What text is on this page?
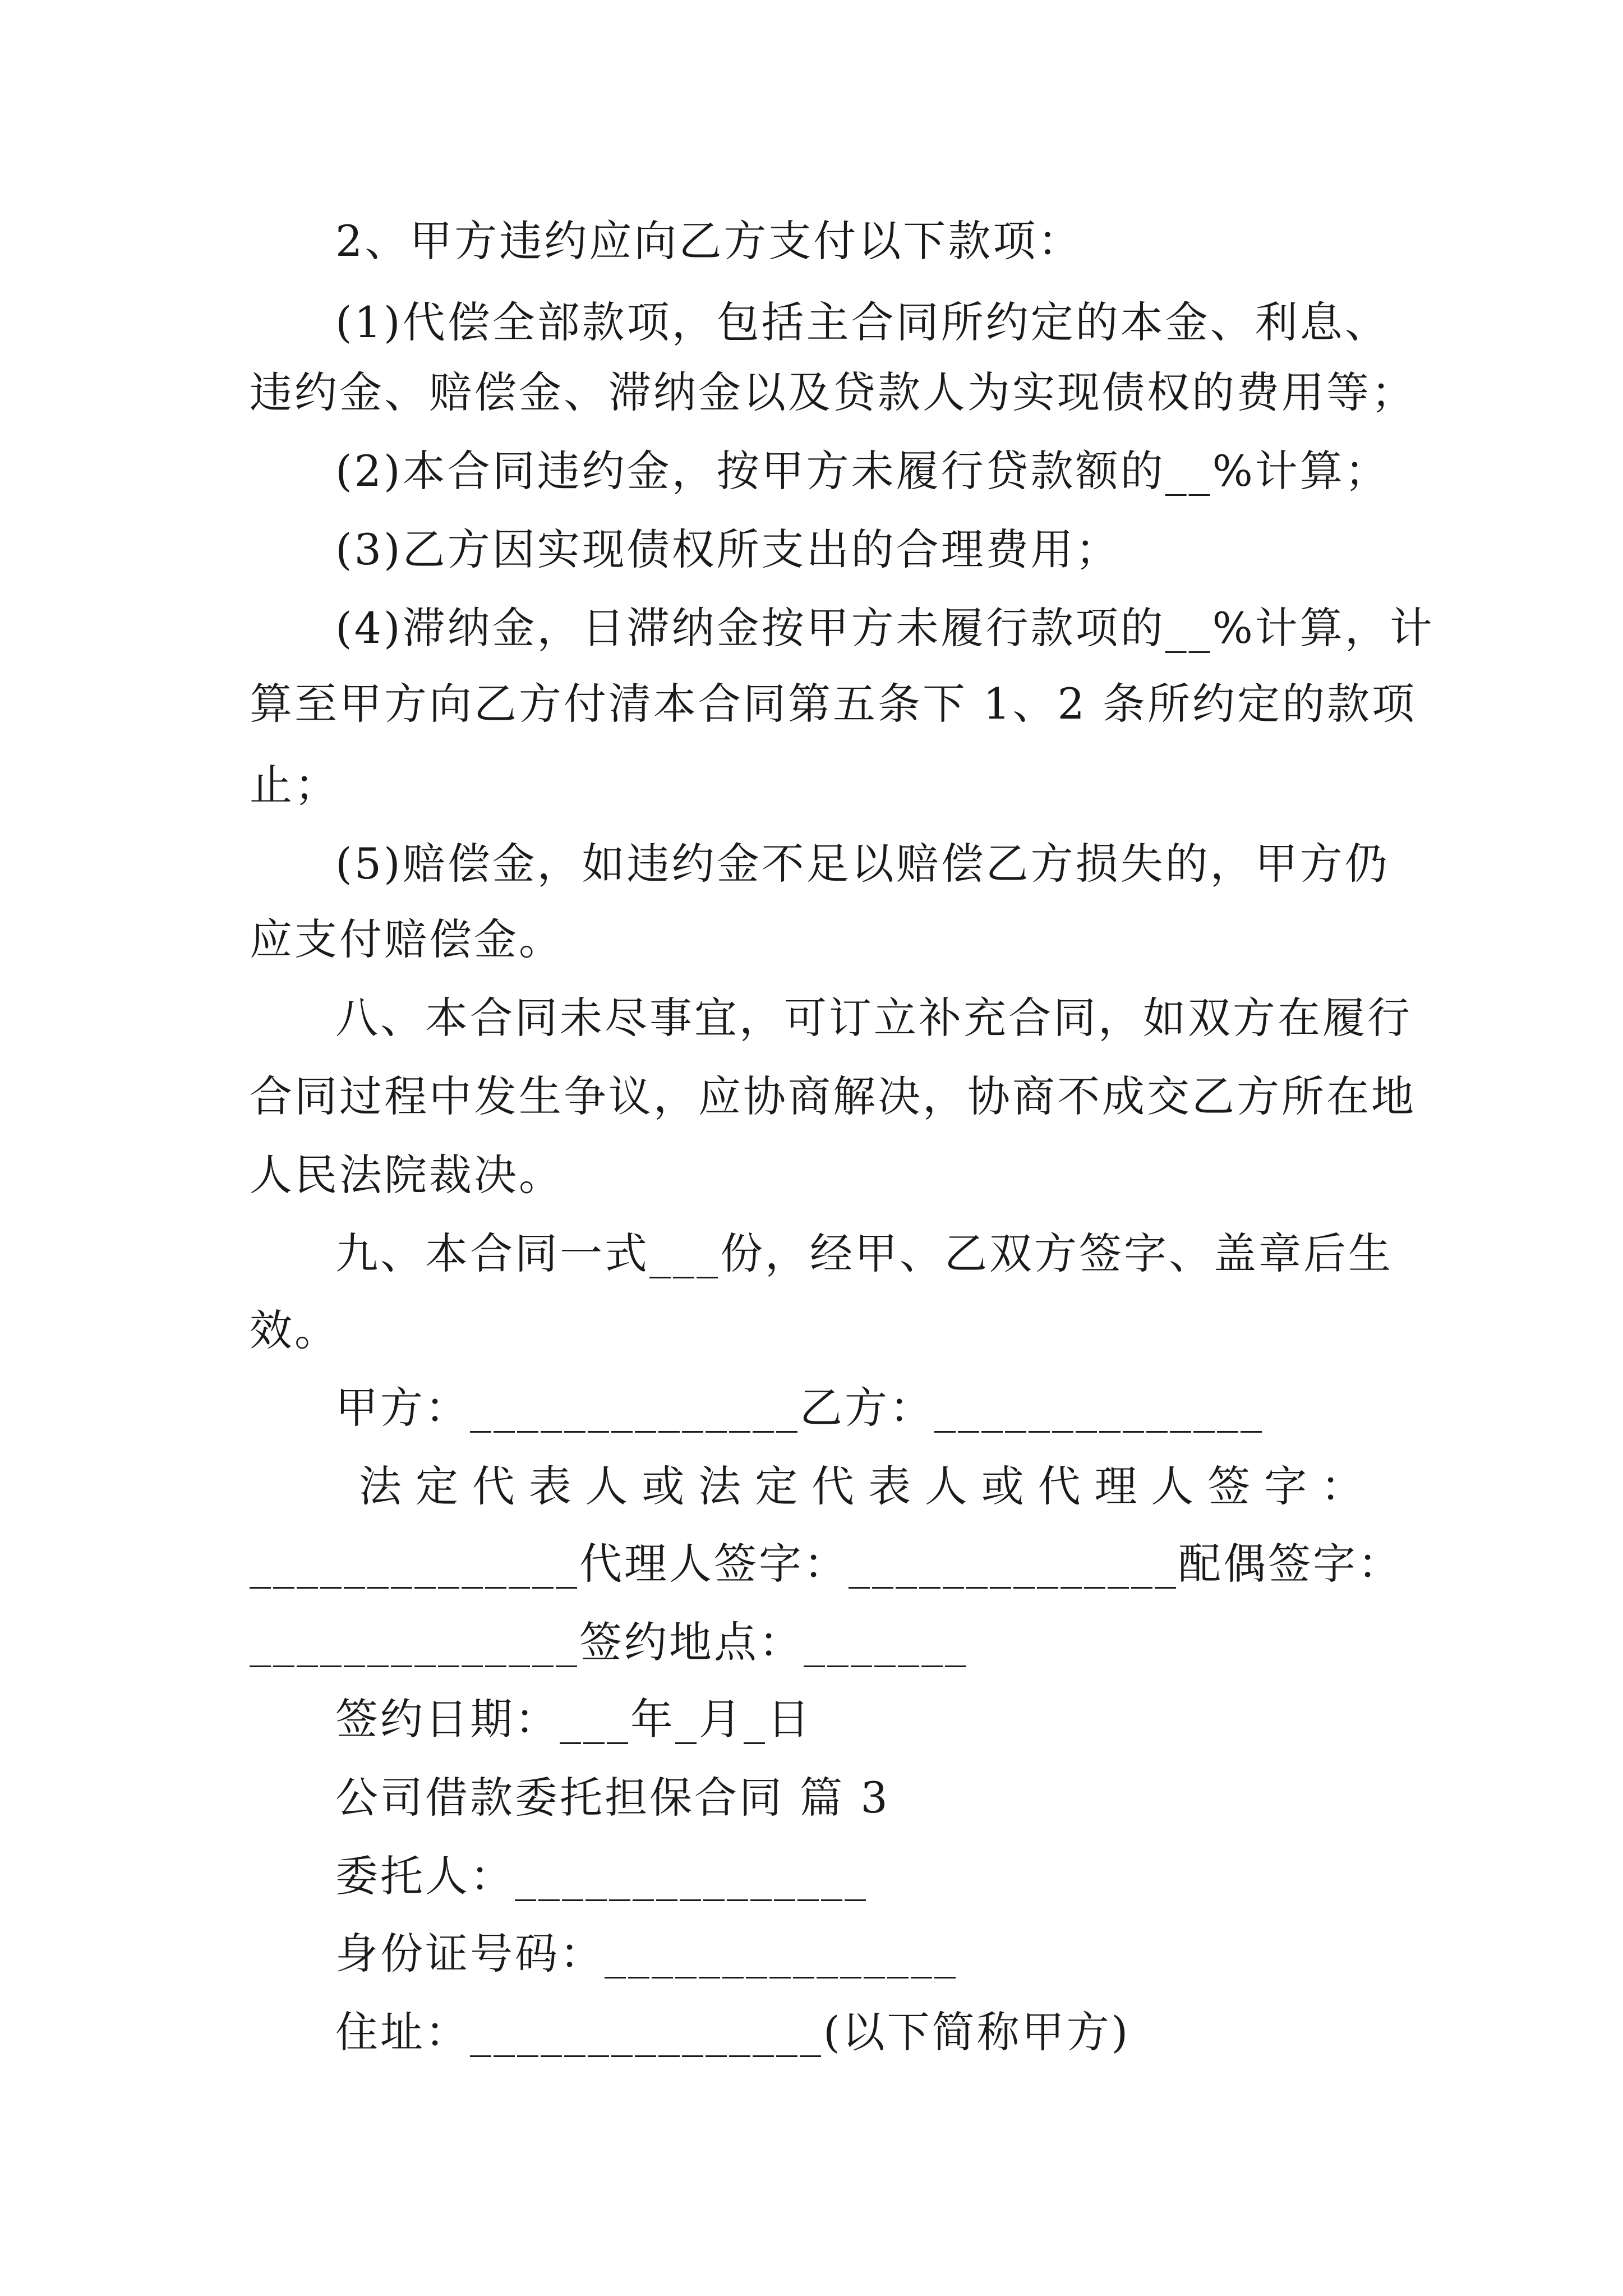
2、甲方违约应向乙方支付以下款项：
(1)代偿全部款项，包括主合同所约定的本金、利息、
违约金、赔偿金、滞纳金以及贷款人为实现债权的费用等；
(2)本合同违约金，按甲方未履行贷款额的__%计算；
(3)乙方因实现债权所支出的合理费用；
(4)滞纳金，日滞纳金按甲方未履行款项的__%计算，计
算至甲方向乙方付清本合同第五条下 1、2 条所约定的款项
止；
(5)赔偿金，如违约金不足以赔偿乙方损失的，甲方仍
应支付赔偿金。
八、本合同未尽事宜，可订立补充合同，如双方在履行
合同过程中发生争议，应协商解决，协商不成交乙方所在地
人民法院裁决。
九、本合同一式___份，经甲、乙双方签字、盖章后生
效。
甲方：______________乙方：______________
法定代表人或法定代表人或代理人签字：
______________代理人签字：______________配偶签字：
______________签约地点：_______
签约日期：___年_月_日
公司借款委托担保合同 篇 3
委托人：_______________
身份证号码：_______________
住址：_______________(以下简称甲方)
